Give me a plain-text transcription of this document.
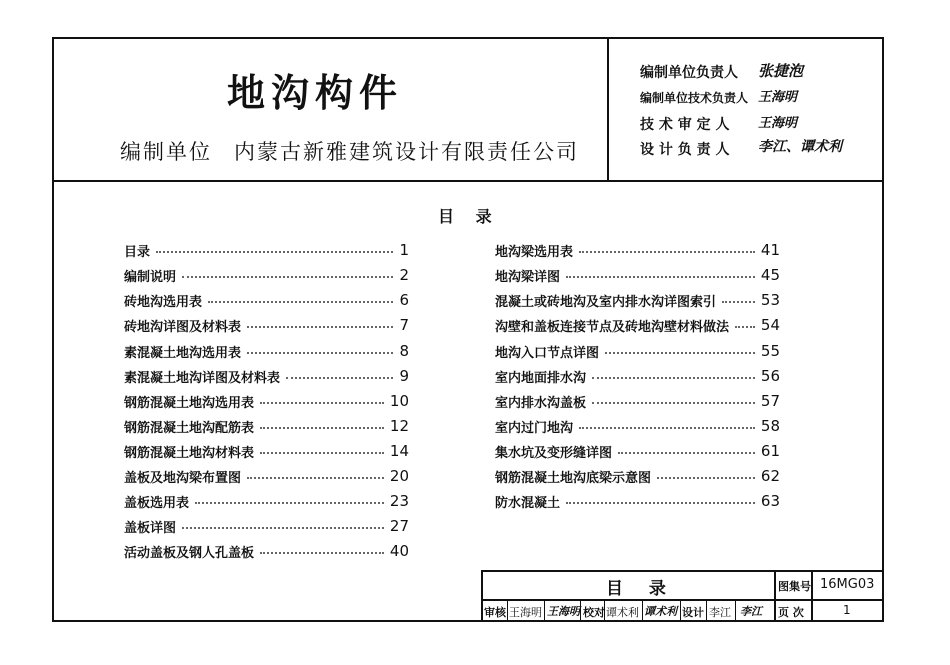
地沟构件
编制单位 内蒙古新雅建筑设计有限责任公司
编制单位负责人	张捷泡
编制单位技术负责人 王海明
技 术 审 定 人	王海明
设 计 负 责 人	李江、谭术利
目 录
目录	1
编制说明	2
砖地沟选用表	6
砖地沟详图及材料表	7
素混凝土地沟选用表	8
素混凝土地沟详图及材料表	9
钢筋混凝土地沟选用表	10
钢筋混凝土地沟配筋表	12
钢筋混凝土地沟材料表	14
盖板及地沟梁布置图	20
盖板选用表	23
盖板详图	27
活动盖板及钢人孔盖板	40
地沟梁选用表	41
地沟梁详图	45
混凝土或砖地沟及室内排水沟详图索引	53
沟壁和盖板连接节点及砖地沟壁材料做法 54
地沟入口节点详图	55
室内地面排水沟	56
室内排水沟盖板	57
室内过门地沟	58
集水坑及变形缝详图	61
钢筋混凝土地沟底梁示意图	62
防水混凝土	63
目 录	图集号 16MG03
审核 王海明 王海明 校对 谭术利 谭术利 设计 李江 李江 页 次	1
